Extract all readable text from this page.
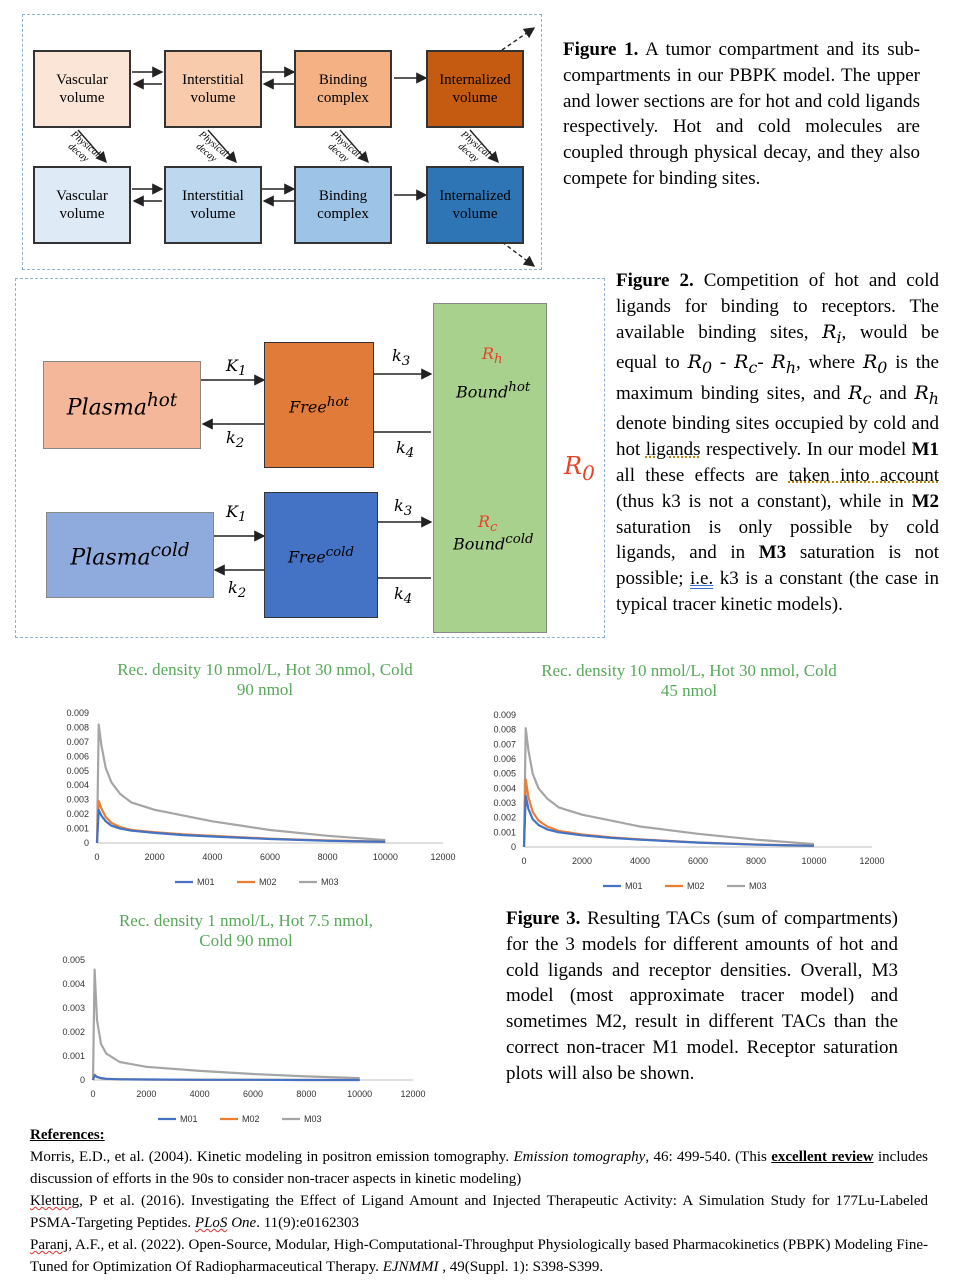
Vascular volume
Interstitial volume
Binding complex
Internalized volume
Vascular volume
Interstitial volume
Binding complex
Internalized volume
Physical decay	Physical decay	Physical decay	Physical decay
Figure 1. A tumor compartment and its sub-compartments in our PBPK model. The upper and lower sections are for hot and cold ligands respectively. Hot and cold molecules are coupled through physical decay, and they also compete for binding sites.
Plasma$^{hot}$	Free$^{hot}$
Plasma$^{cold}$	Free$^{cold}$
$R_h$
Bound$^{hot}$
$R_c$
Bound$^{cold}$
$R_0$
$K_1$
$k_2$
$k_3$
$k_4$
$K_1$
$k_2$
$k_3$
$k_4$
Figure 2. Competition of hot and cold ligands for binding to receptors. The available binding sites, $R_i$, would be equal to $R_0 - R_c-$ $R_h$, where $R_0$ is the maximum binding sites, and $R_c$ and $R_h$ denote binding sites occupied by cold and hot ligands respectively. In our model M1 all these effects are taken into account (thus k3 is not a constant), while in M2 saturation is only possible by cold ligands, and in M3 saturation is not possible; i.e. k3 is a constant (the case in typical tracer kinetic models).
Rec. density 10 nmol/L, Hot 30 nmol, Cold 90 nmol
Rec. density 10 nmol/L, Hot 30 nmol, Cold 45 nmol
Rec. density 1 nmol/L, Hot 7.5 nmol, Cold 90 nmol
0
0.001
0.002
0.003
0.004
0.005
0.006
0.007
0.008
0.009
0	2000	4000	6000	8000	10000	12000
M01	M02	M03
0
0.001
0.002
0.003
0.004
0.005
0.006
0.007
0.008
0.009
0	2000	4000	6000	8000	10000	12000
M01	M02	M03
0
0.001
0.002
0.003
0.004
0.005
0	2000	4000	6000	8000	10000	12000
M01	M02	M03
Figure 3. Resulting TACs (sum of compartments) for the 3 models for different amounts of hot and cold ligands and receptor densities. Overall, M3 model (most approximate tracer model) and sometimes M2, result in different TACs than the correct non-tracer M1 model. Receptor saturation plots will also be shown.

References:

Morris, E.D., et al. (2004). Kinetic modeling in positron emission tomography. Emission tomography, 46: 499-540. (This excellent review includes discussion of efforts in the 90s to consider non-tracer aspects in kinetic modeling)

Kletting, P et al. (2016). Investigating the Effect of Ligand Amount and Injected Therapeutic Activity: A Simulation Study for 177Lu-Labeled PSMA-Targeting Peptides. PLoS One. 11(9):e0162303

Paranj, A.F., et al. (2022). Open-Source, Modular, High-Computational-Throughput Physiologically based Pharmacokinetics (PBPK) Modeling Fine-Tuned for Optimization Of Radiopharmaceutical Therapy. EJNMMI , 49(Suppl. 1): S398-S399.
